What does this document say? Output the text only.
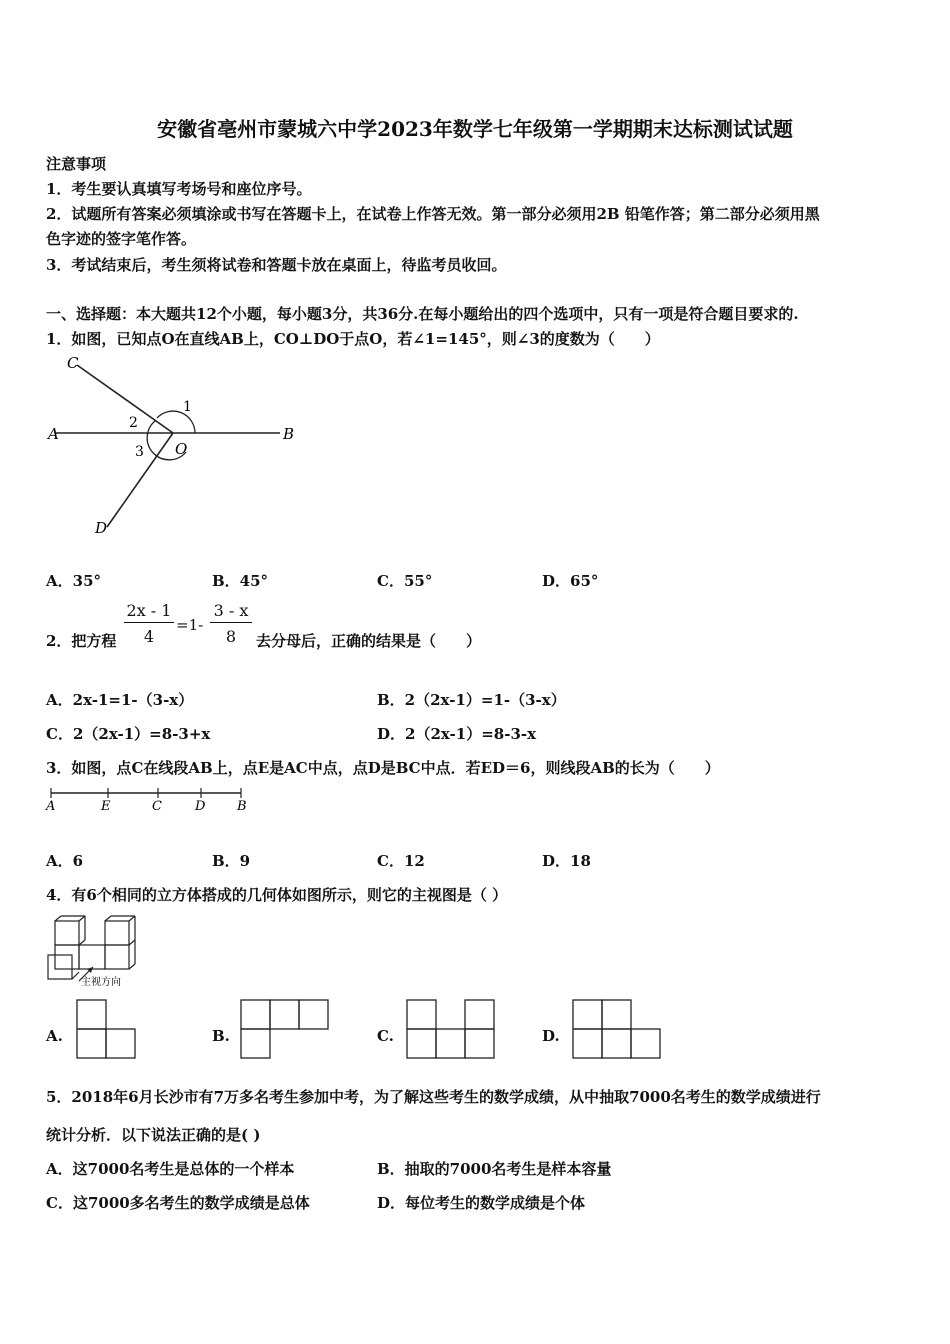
安徽省亳州市蒙城六中学2023年数学七年级第一学期期末达标测试试题
注意事项
1．考生要认真填写考场号和座位序号。
2．试题所有答案必须填涂或书写在答题卡上，在试卷上作答无效。第一部分必须用2B 铅笔作答；第二部分必须用黑
色字迹的签字笔作答。
3．考试结束后，考生须将试卷和答题卡放在桌面上，待监考员收回。
一、选择题：本大题共12个小题，每小题3分，共36分.在每小题给出的四个选项中，只有一项是符合题目要求的.
1．如图，已知点O在直线AB上，CO⊥DO于点O，若∠1=145°，则∠3的度数为（　　）
C
A	B
O
D
1
2
3
A．35°	B．45°	C．55°	D．65°
2．把方程 $\frac{2x - 1}{4} =1- \frac{3 - x}{8}$ 去分母后，正确的结果是（　　）
A．2x-1=1-（3-x）	B．2（2x-1）=1-（3-x）
C．2（2x-1）=8-3+x	D．2（2x-1）=8-3-x
3．如图，点C在线段AB上，点E是AC中点，点D是BC中点．若ED＝6，则线段AB的长为（　　）
A	E	C	D B
A．6	B．9	C．12	D．18
4．有6个相同的立方体搭成的几何体如图所示，则它的主视图是（ ）
主视方向
A.	B.	C.	D.
5．2018年6月长沙市有7万多名考生参加中考，为了解这些考生的数学成绩，从中抽取7000名考生的数学成绩进行
统计分析．以下说法正确的是( )
A．这7000名考生是总体的一个样本	B．抽取的7000名考生是样本容量
C．这7000多名考生的数学成绩是总体	D．每位考生的数学成绩是个体
